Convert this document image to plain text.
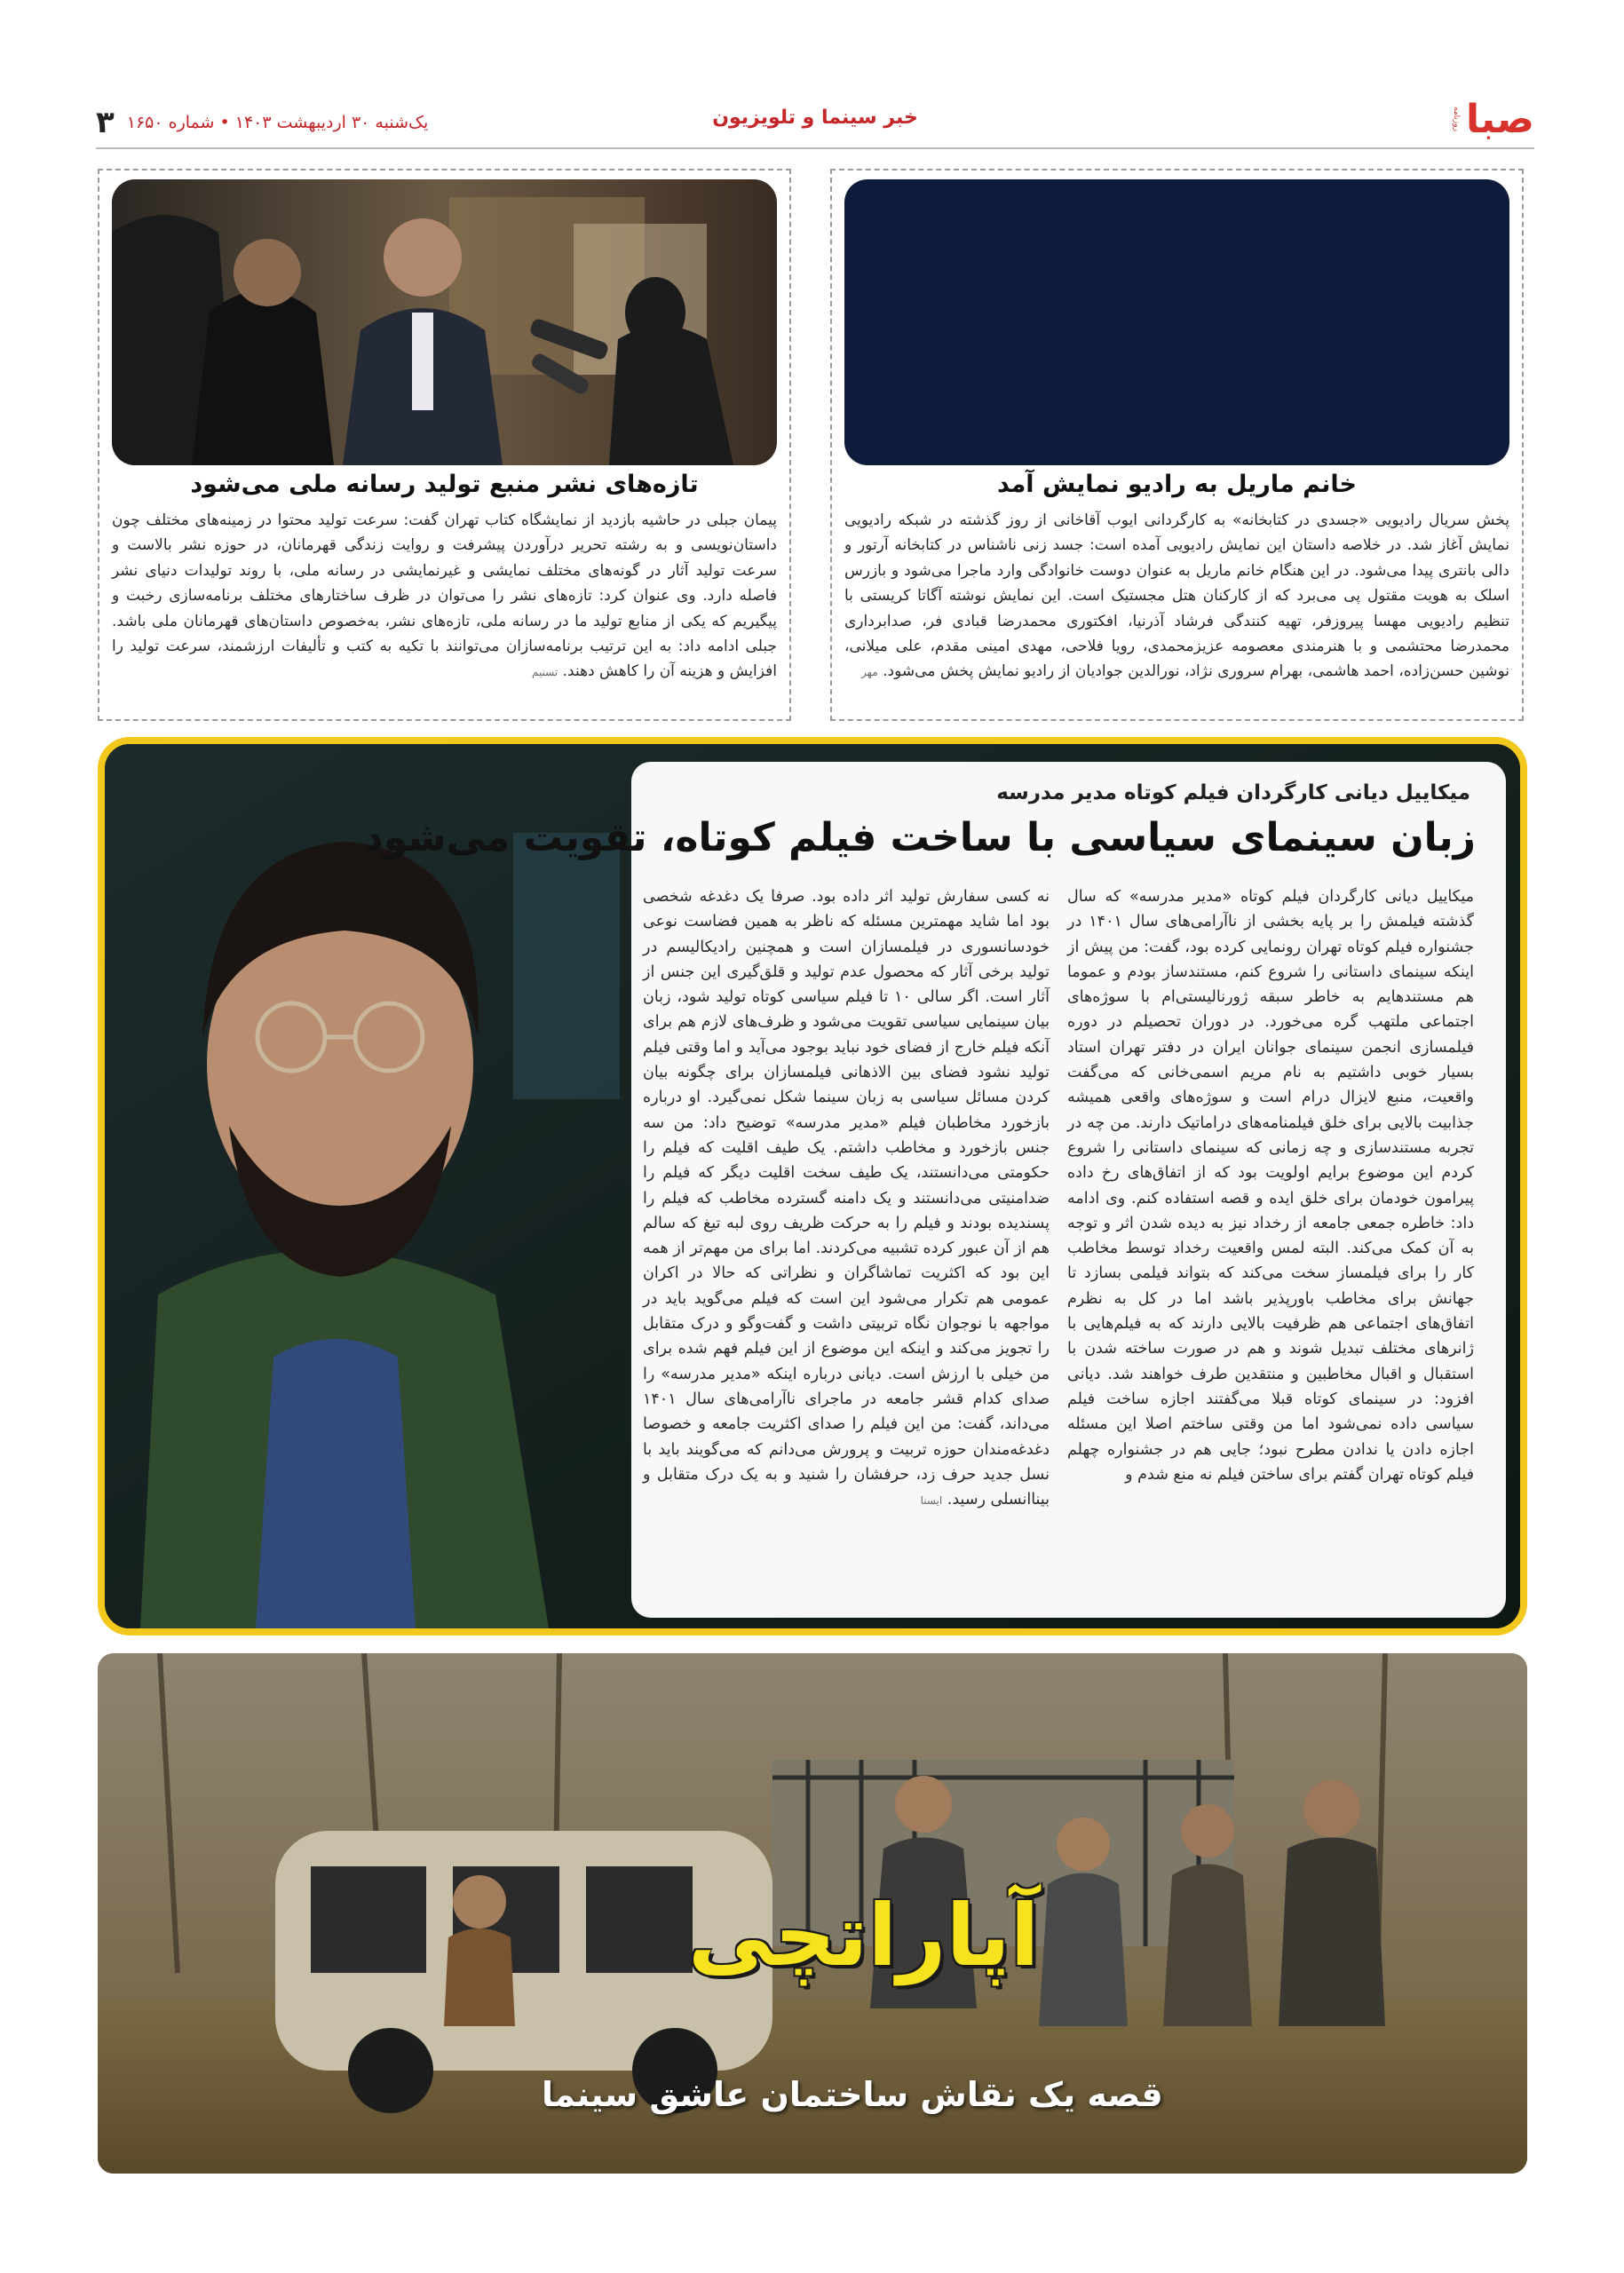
صبا
روزنامه
خبر سینما و تلویزیون
۳ یک‌شنبه ۳۰ اردیبهشت ۱۴۰۳ • شماره ۱۶۵۰
خانم ماریل به رادیو نمایش آمد
پخش سریال رادیویی «جسدی در کتابخانه» به کارگردانی ایوب آقاخانی از روز گذشته در شبکه رادیویی نمایش آغاز شد. در خلاصه داستان این نمایش رادیویی آمده است: جسد زنی ناشناس در کتابخانه آرتور و دالی بانتری پیدا می‌شود. در این هنگام خانم ماریل به عنوان دوست خانوادگی وارد ماجرا می‌شود و بازرس اسلک به هویت مقتول پی می‌برد که از کارکنان هتل مجستیک است. این نمایش نوشته آگاتا کریستی با تنظیم رادیویی مهسا پیروزفر، تهیه کنندگی فرشاد آذرنیا، افکتوری محمدرضا قبادی فر، صدابرداری محمدرضا محتشمی و با هنرمندی معصومه عزیزمحمدی، رویا فلاحی، مهدی امینی مقدم، علی میلانی، نوشین حسن‌زاده، احمد هاشمی، بهرام سروری نژاد، نورالدین جوادیان از رادیو نمایش پخش می‌شود. مهر
تازه‌های نشر منبع تولید رسانه ملی می‌شود
پیمان جبلی در حاشیه بازدید از نمایشگاه کتاب تهران گفت: سرعت تولید محتوا در زمینه‌های مختلف چون داستان‌نویسی و به رشته تحریر درآوردن پیشرفت و روایت زندگی قهرمانان، در حوزه نشر بالاست و سرعت تولید آثار در گونه‌های مختلف نمایشی و غیرنمایشی در رسانه ملی، با روند تولیدات دنیای نشر فاصله دارد. وی عنوان کرد: تازه‌های نشر را می‌توان در ظرف ساختارهای مختلف برنامه‌سازی رخبت و پیگیریم که یکی از منابع تولید ما در رسانه ملی، تازه‌های نشر، به‌خصوص داستان‌های قهرمانان ملی باشد. جبلی ادامه داد: به این ترتیب برنامه‌سازان می‌توانند با تکیه به کتب و تألیفات ارزشمند، سرعت تولید را افزایش و هزینه آن را کاهش دهند. تسنیم
میکاییل دیانی کارگردان فیلم کوتاه مدیر مدرسه
زبان سینمای سیاسی با ساخت فیلم کوتاه، تقویت می‌شود
میکاییل دیانی کارگردان فیلم کوتاه «مدیر مدرسه» که سال گذشته فیلمش را بر پایه بخشی از ناآرامی‌های سال ۱۴۰۱ در جشنواره فیلم کوتاه تهران رونمایی کرده بود، گفت: من پیش از اینکه سینمای داستانی را شروع کنم، مستندساز بودم و عموما هم مستندهایم به خاطر سبقه ژورنالیستی‌ام با سوژه‌های اجتماعی ملتهب گره می‌خورد. در دوران تحصیلم در دوره فیلمسازی انجمن سینمای جوانان ایران در دفتر تهران استاد بسیار خوبی داشتیم به نام مریم اسمی‌خانی که می‌گفت واقعیت، منبع لایزال درام است و سوژه‌های واقعی همیشه جذابیت بالایی برای خلق فیلمنامه‌های دراماتیک دارند. من چه در تجربه مستندسازی و چه زمانی که سینمای داستانی را شروع کردم این موضوع برایم اولویت بود که از اتفاق‌های رخ داده پیرامون خودمان برای خلق ایده و قصه استفاده کنم. وی ادامه داد: خاطره جمعی جامعه از رخداد نیز به دیده شدن اثر و توجه به آن کمک می‌کند. البته لمس واقعیت رخداد توسط مخاطب کار را برای فیلمساز سخت می‌کند که بتواند فیلمی بسازد تا جهانش برای مخاطب باورپذیر باشد اما در کل به نظرم اتفاق‌های اجتماعی هم ظرفیت بالایی دارند که به فیلم‌هایی با ژانرهای مختلف تبدیل شوند و هم در صورت ساخته شدن با استقبال و اقبال مخاطبین و منتقدین طرف خواهند شد. دیانی افزود: در سینمای کوتاه قبلا می‌گفتند اجازه ساخت فیلم سیاسی داده نمی‌شود اما من وقتی ساختم اصلا این مسئله اجازه دادن یا ندادن مطرح نبود؛ جایی هم در جشنواره چهلم فیلم کوتاه تهران گفتم برای ساختن فیلم نه منع شدم و
نه کسی سفارش تولید اثر داده بود. صرفا یک دغدغه شخصی بود اما شاید مهمترین مسئله که ناظر به همین فضاست نوعی خودسانسوری در فیلمسازان است و همچنین رادیکالیسم در تولید برخی آثار که محصول عدم تولید و قلق‌گیری این جنس از آثار است. اگر سالی ۱۰ تا فیلم سیاسی کوتاه تولید شود، زبان بیان سینمایی سیاسی تقویت می‌شود و ظرف‌های لازم هم برای آنکه فیلم خارج از فضای خود نباید بوجود می‌آید و اما وقتی فیلم تولید نشود فضای بین الاذهانی فیلمسازان برای چگونه بیان کردن مسائل سیاسی به زبان سینما شکل نمی‌گیرد. او درباره بازخورد مخاطبان فیلم «مدیر مدرسه» توضیح داد: من سه جنس بازخورد و مخاطب داشتم. یک طیف اقلیت که فیلم را حکومتی می‌دانستند، یک طیف سخت اقلیت دیگر که فیلم را ضدامنیتی می‌دانستند و یک دامنه گسترده مخاطب که فیلم را پسندیده بودند و فیلم را به حرکت ظریف روی لبه تیغ که سالم هم از آن عبور کرده تشبیه می‌کردند. اما برای من مهم‌تر از همه این بود که اکثریت تماشاگران و نظراتی که حالا در اکران عمومی هم تکرار می‌شود این است که فیلم می‌گوید باید در مواجهه با نوجوان نگاه تربیتی داشت و گفت‌وگو و درک متقابل را تجویز می‌کند و اینکه این موضوع از این فیلم فهم شده برای من خیلی با ارزش است. دیانی درباره اینکه «مدیر مدرسه» را صدای کدام قشر جامعه در ماجرای ناآرامی‌های سال ۱۴۰۱ می‌داند، گفت: من این فیلم را صدای اکثریت جامعه و خصوصا دغدغه‌مندان حوزه تربیت و پرورش می‌دانم که می‌گویند باید با نسل جدید حرف زد، حرفشان را شنید و به یک درک متقابل و بیناانسلی رسید. ایسنا
آپاراتچی
قصه یک نقاش ساختمان عاشق سینما
